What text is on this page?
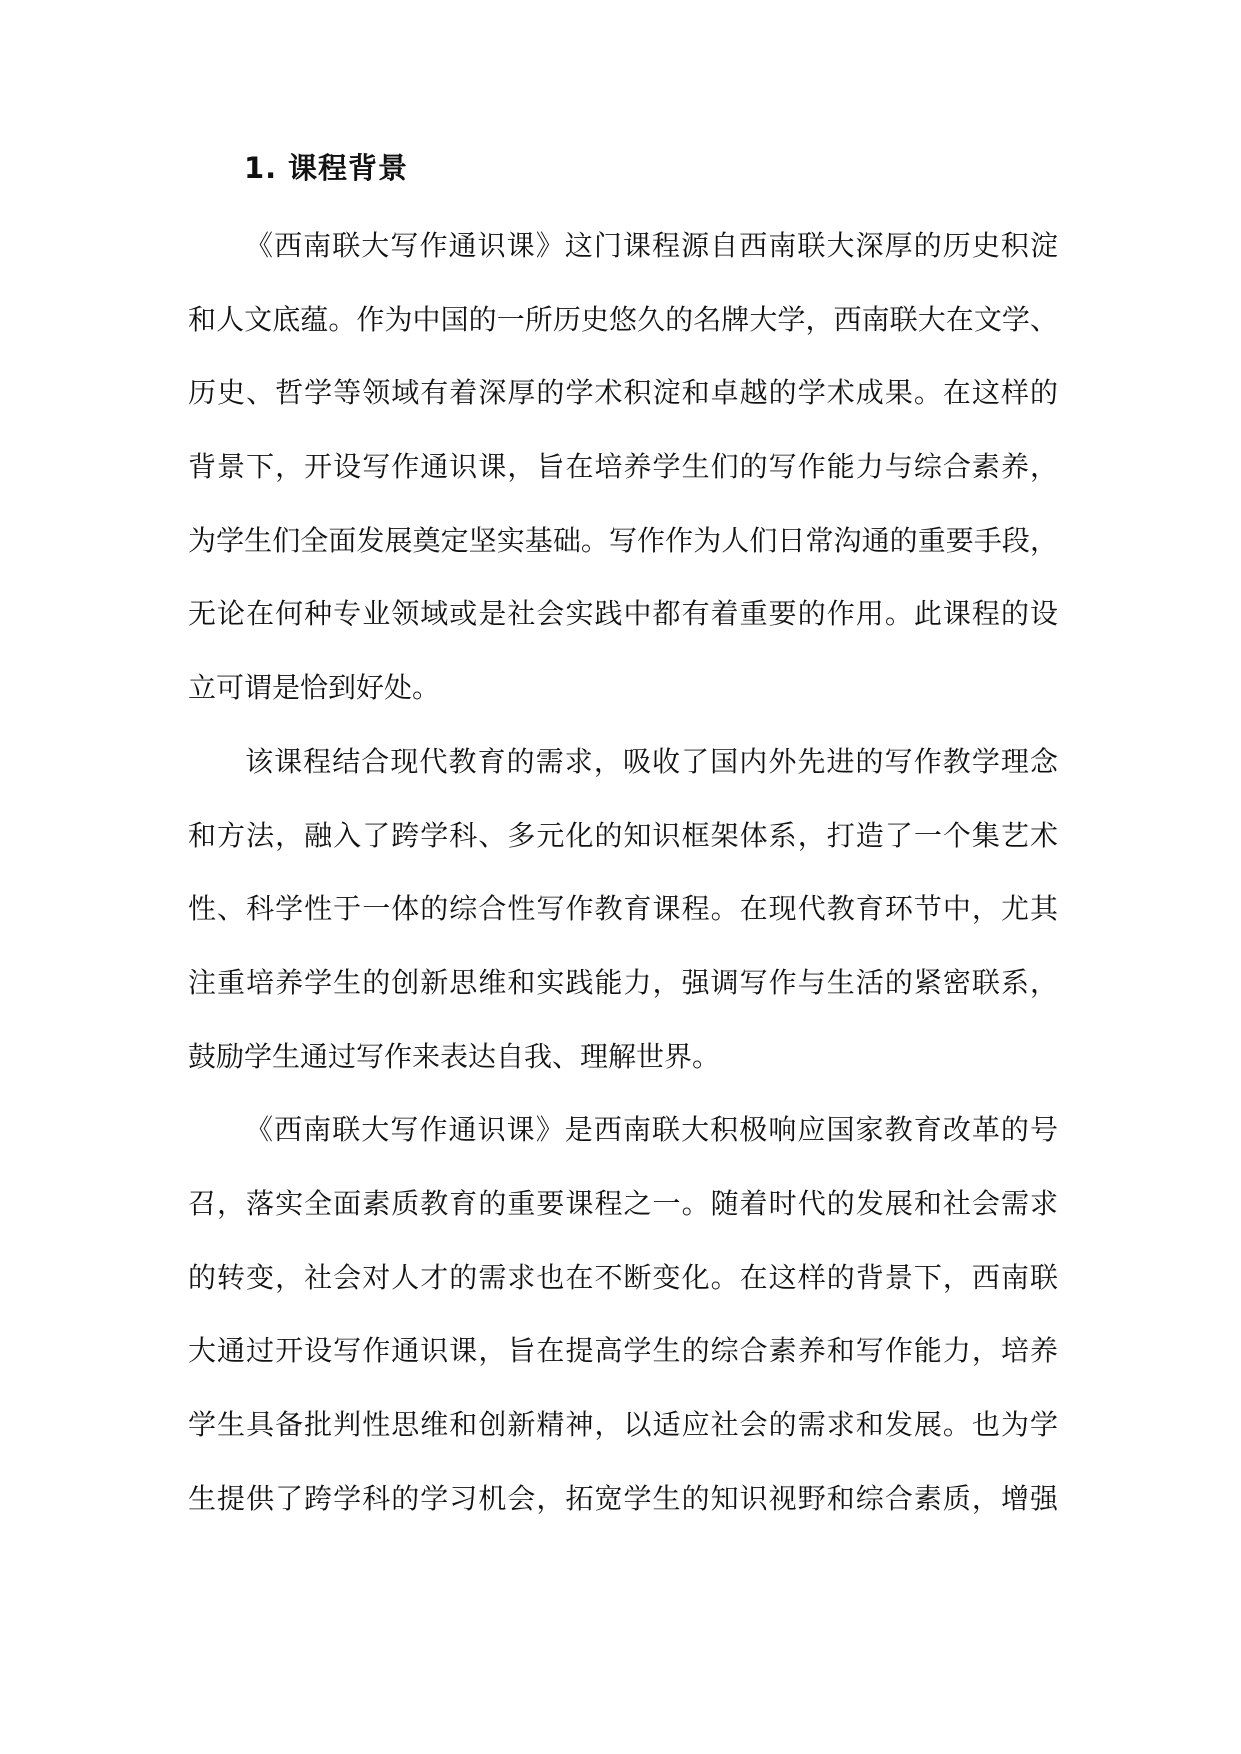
1. 课程背景
《西南联大写作通识课》这门课程源自西南联大深厚的历史积淀
和人文底蕴。作为中国的一所历史悠久的名牌大学，西南联大在文学、
历史、哲学等领域有着深厚的学术积淀和卓越的学术成果。在这样的
背景下，开设写作通识课，旨在培养学生们的写作能力与综合素养，
为学生们全面发展奠定坚实基础。写作作为人们日常沟通的重要手段，
无论在何种专业领域或是社会实践中都有着重要的作用。此课程的设
立可谓是恰到好处。
该课程结合现代教育的需求，吸收了国内外先进的写作教学理念
和方法，融入了跨学科、多元化的知识框架体系，打造了一个集艺术
性、科学性于一体的综合性写作教育课程。在现代教育环节中，尤其
注重培养学生的创新思维和实践能力，强调写作与生活的紧密联系，
鼓励学生通过写作来表达自我、理解世界。
《西南联大写作通识课》是西南联大积极响应国家教育改革的号
召，落实全面素质教育的重要课程之一。随着时代的发展和社会需求
的转变，社会对人才的需求也在不断变化。在这样的背景下，西南联
大通过开设写作通识课，旨在提高学生的综合素养和写作能力，培养
学生具备批判性思维和创新精神，以适应社会的需求和发展。也为学
生提供了跨学科的学习机会，拓宽学生的知识视野和综合素质，增强
